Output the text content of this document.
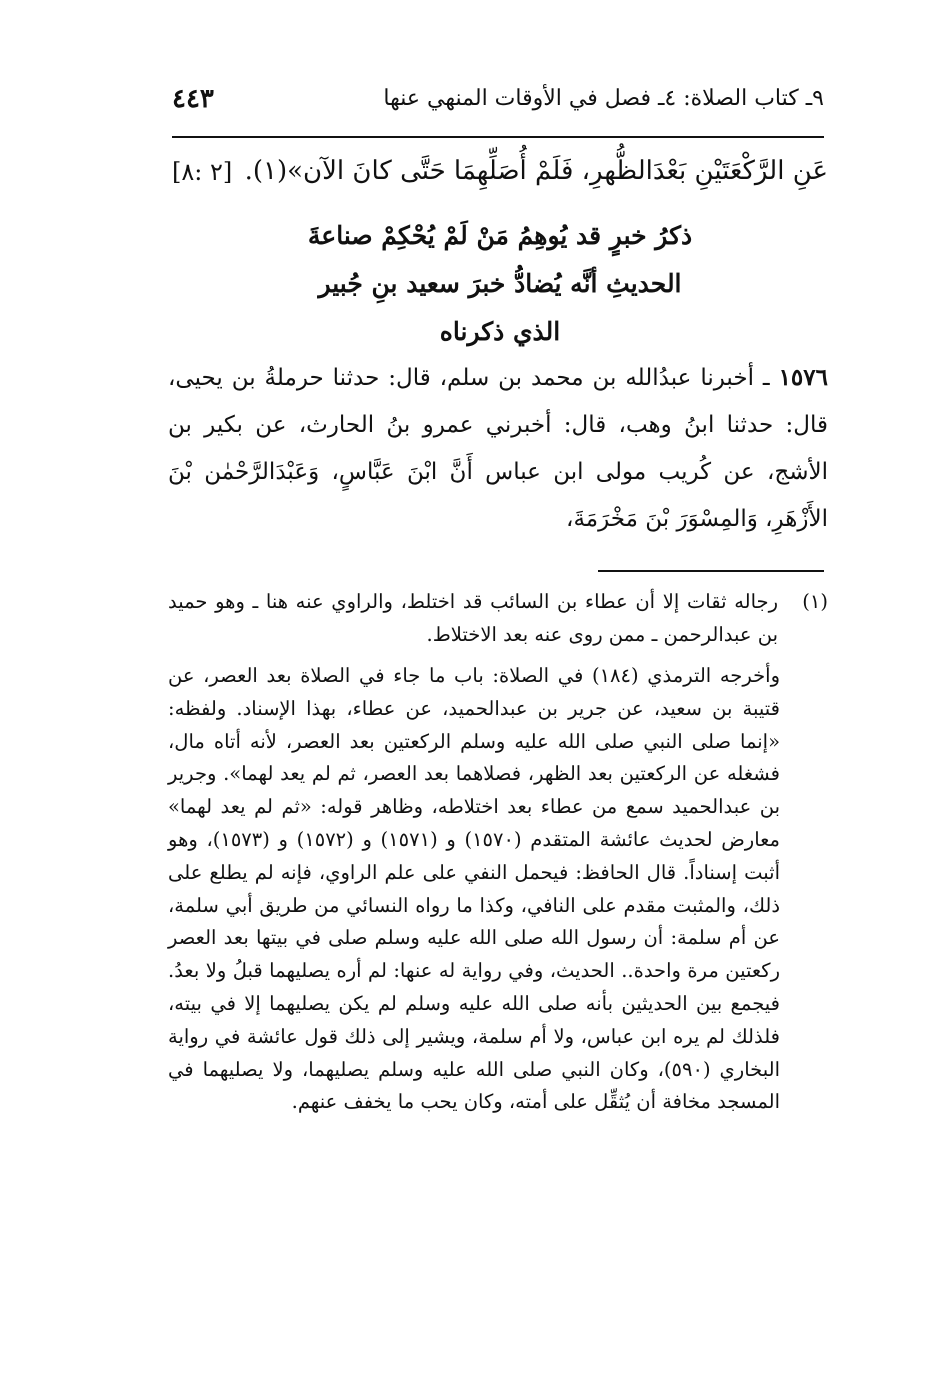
٩ـ كتاب الصلاة: ٤ـ فصل في الأوقات المنهي عنها
٤٤٣
عَنِ الرَّكْعَتَيْنِ بَعْدَالظُّهرِ، فَلَمْ أُصَلِّهِمَا حَتَّى كانَ الآن»(١).
[٢ :٨]
ذكرُ خبرٍ قد يُوهِمُ مَنْ لَمْ يُحْكِمْ صناعةَ
الحديثِ أنَّه يُضادُّ خبرَ سعيد بنِ جُبير
الذي ذكرناه
١٥٧٦ ـ أخبرنا عبدُالله بن محمد بن سلم، قال: حدثنا حرملةُ بن يحيى، قال: حدثنا ابنُ وهب، قال: أخبرني عمرو بنُ الحارث، عن بكير بن الأشج، عن كُريب مولى ابن عباس أَنَّ ابْنَ عَبَّاسٍ، وَعَبْدَالرَّحْمٰن بْنَ الأَزْهَرِ، وَالمِسْوَرَ بْنَ مَخْرَمَةَ،
(١)
رجاله ثقات إلا أن عطاء بن السائب قد اختلط، والراوي عنه هنا ـ وهو حميد بن عبدالرحمن ـ ممن روى عنه بعد الاختلاط.

وأخرجه الترمذي (١٨٤) في الصلاة: باب ما جاء في الصلاة بعد العصر، عن قتيبة بن سعيد، عن جرير بن عبدالحميد، عن عطاء، بهذا الإسناد. ولفظه: «إنما صلى النبي صلى الله عليه وسلم الركعتين بعد العصر، لأنه أتاه مال، فشغله عن الركعتين بعد الظهر، فصلاهما بعد العصر، ثم لم يعد لهما». وجرير بن عبدالحميد سمع من عطاء بعد اختلاطه، وظاهر قوله: «ثم لم يعد لهما» معارض لحديث عائشة المتقدم (١٥٧٠) و (١٥٧١) و (١٥٧٢) و (١٥٧٣)، وهو أثبت إسناداً. قال الحافظ: فيحمل النفي على علم الراوي، فإنه لم يطلع على ذلك، والمثبت مقدم على النافي، وكذا ما رواه النسائي من طريق أبي سلمة، عن أم سلمة: أن رسول الله صلى الله عليه وسلم صلى في بيتها بعد العصر ركعتين مرة واحدة.. الحديث، وفي رواية له عنها: لم أره يصليهما قبلُ ولا بعدُ. فيجمع بين الحديثين بأنه صلى الله عليه وسلم لم يكن يصليهما إلا في بيته، فلذلك لم يره ابن عباس، ولا أم سلمة، ويشير إلى ذلك قول عائشة في رواية البخاري (٥٩٠)، وكان النبي صلى الله عليه وسلم يصليهما، ولا يصليهما في المسجد مخافة أن يُثقِّل على أمته، وكان يحب ما يخفف عنهم.
